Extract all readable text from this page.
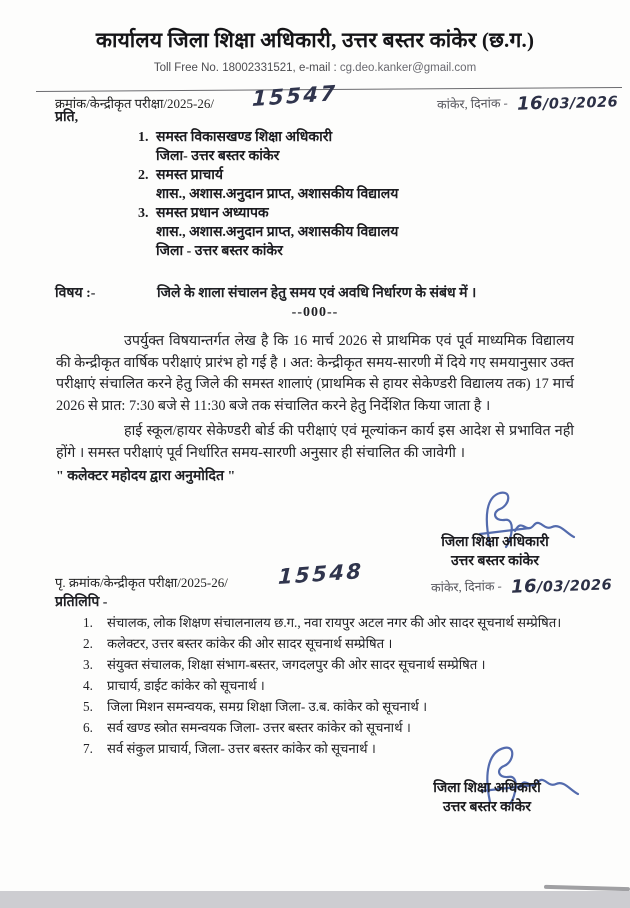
कार्यालय जिला शिक्षा अधिकारी, उत्तर बस्तर कांकेर (छ.ग.)
Toll Free No. 18002331521, e-mail : cg.deo.kanker@gmail.com
क्रमांक/केन्द्रीकृत परीक्षा/2025-26/ 15547	कांकेर, दिनांक - 16/03/2026
प्रति,
1. समस्त विकासखण्ड शिक्षा अधिकारी
जिला- उत्तर बस्तर कांकेर
2. समस्त प्राचार्य
शास., अशास.अनुदान प्राप्त, अशासकीय विद्यालय
3. समस्त प्रधान अध्यापक
शास., अशास.अनुदान प्राप्त, अशासकीय विद्यालय
जिला - उत्तर बस्तर कांकेर
विषय :-	जिले के शाला संचालन हेतु समय एवं अवधि निर्धारण के संबंध में ।
--000--
उपर्युक्त विषयान्तर्गत लेख है कि 16 मार्च 2026 से प्राथमिक एवं पूर्व माध्यमिक विद्यालय की केन्द्रीकृत वार्षिक परीक्षाएं प्रारंभ हो गई है । अत: केन्द्रीकृत समय-सारणी में दिये गए समयानुसार उक्त परीक्षाएं संचालित करने हेतु जिले की समस्त शालाएं (प्राथमिक से हायर सेकेण्डरी विद्यालय तक) 17 मार्च 2026 से प्रात: 7:30 बजे से 11:30 बजे तक संचालित करने हेतु निर्देशित किया जाता है ।
हाई स्कूल/हायर सेकेण्डरी बोर्ड की परीक्षाएं एवं मूल्यांकन कार्य इस आदेश से प्रभावित नही होंगे । समस्त परीक्षाएं पूर्व निर्धारित समय-सारणी अनुसार ही संचालित की जावेगी ।
" कलेक्टर महोदय द्वारा अनुमोदित "
जिला शिक्षा अधिकारी
उत्तर बस्तर कांकेर
पृ. क्रमांक/केन्द्रीकृत परीक्षा/2025-26/ 15548	कांकेर, दिनांक - 16/03/2026
प्रतिलिपि -
1.	संचालक, लोक शिक्षण संचालनालय छ.ग., नवा रायपुर अटल नगर की ओर सादर सूचनार्थ सम्प्रेषित।
2.	कलेक्टर, उत्तर बस्तर कांकेर की ओर सादर सूचनार्थ सम्प्रेषित ।
3.	संयुक्त संचालक, शिक्षा संभाग-बस्तर, जगदलपुर की ओर सादर सूचनार्थ सम्प्रेषित ।
4.	प्राचार्य, डाईट कांकेर को सूचनार्थ ।
5.	जिला मिशन समन्वयक, समग्र शिक्षा जिला- उ.ब. कांकेर को सूचनार्थ ।
6.	सर्व खण्ड स्त्रोत समन्वयक जिला- उत्तर बस्तर कांकेर को सूचनार्थ ।
7.	सर्व संकुल प्राचार्य, जिला- उत्तर बस्तर कांकेर को सूचनार्थ ।
जिला शिक्षा अधिकारी
उत्तर बस्तर कांकेर
